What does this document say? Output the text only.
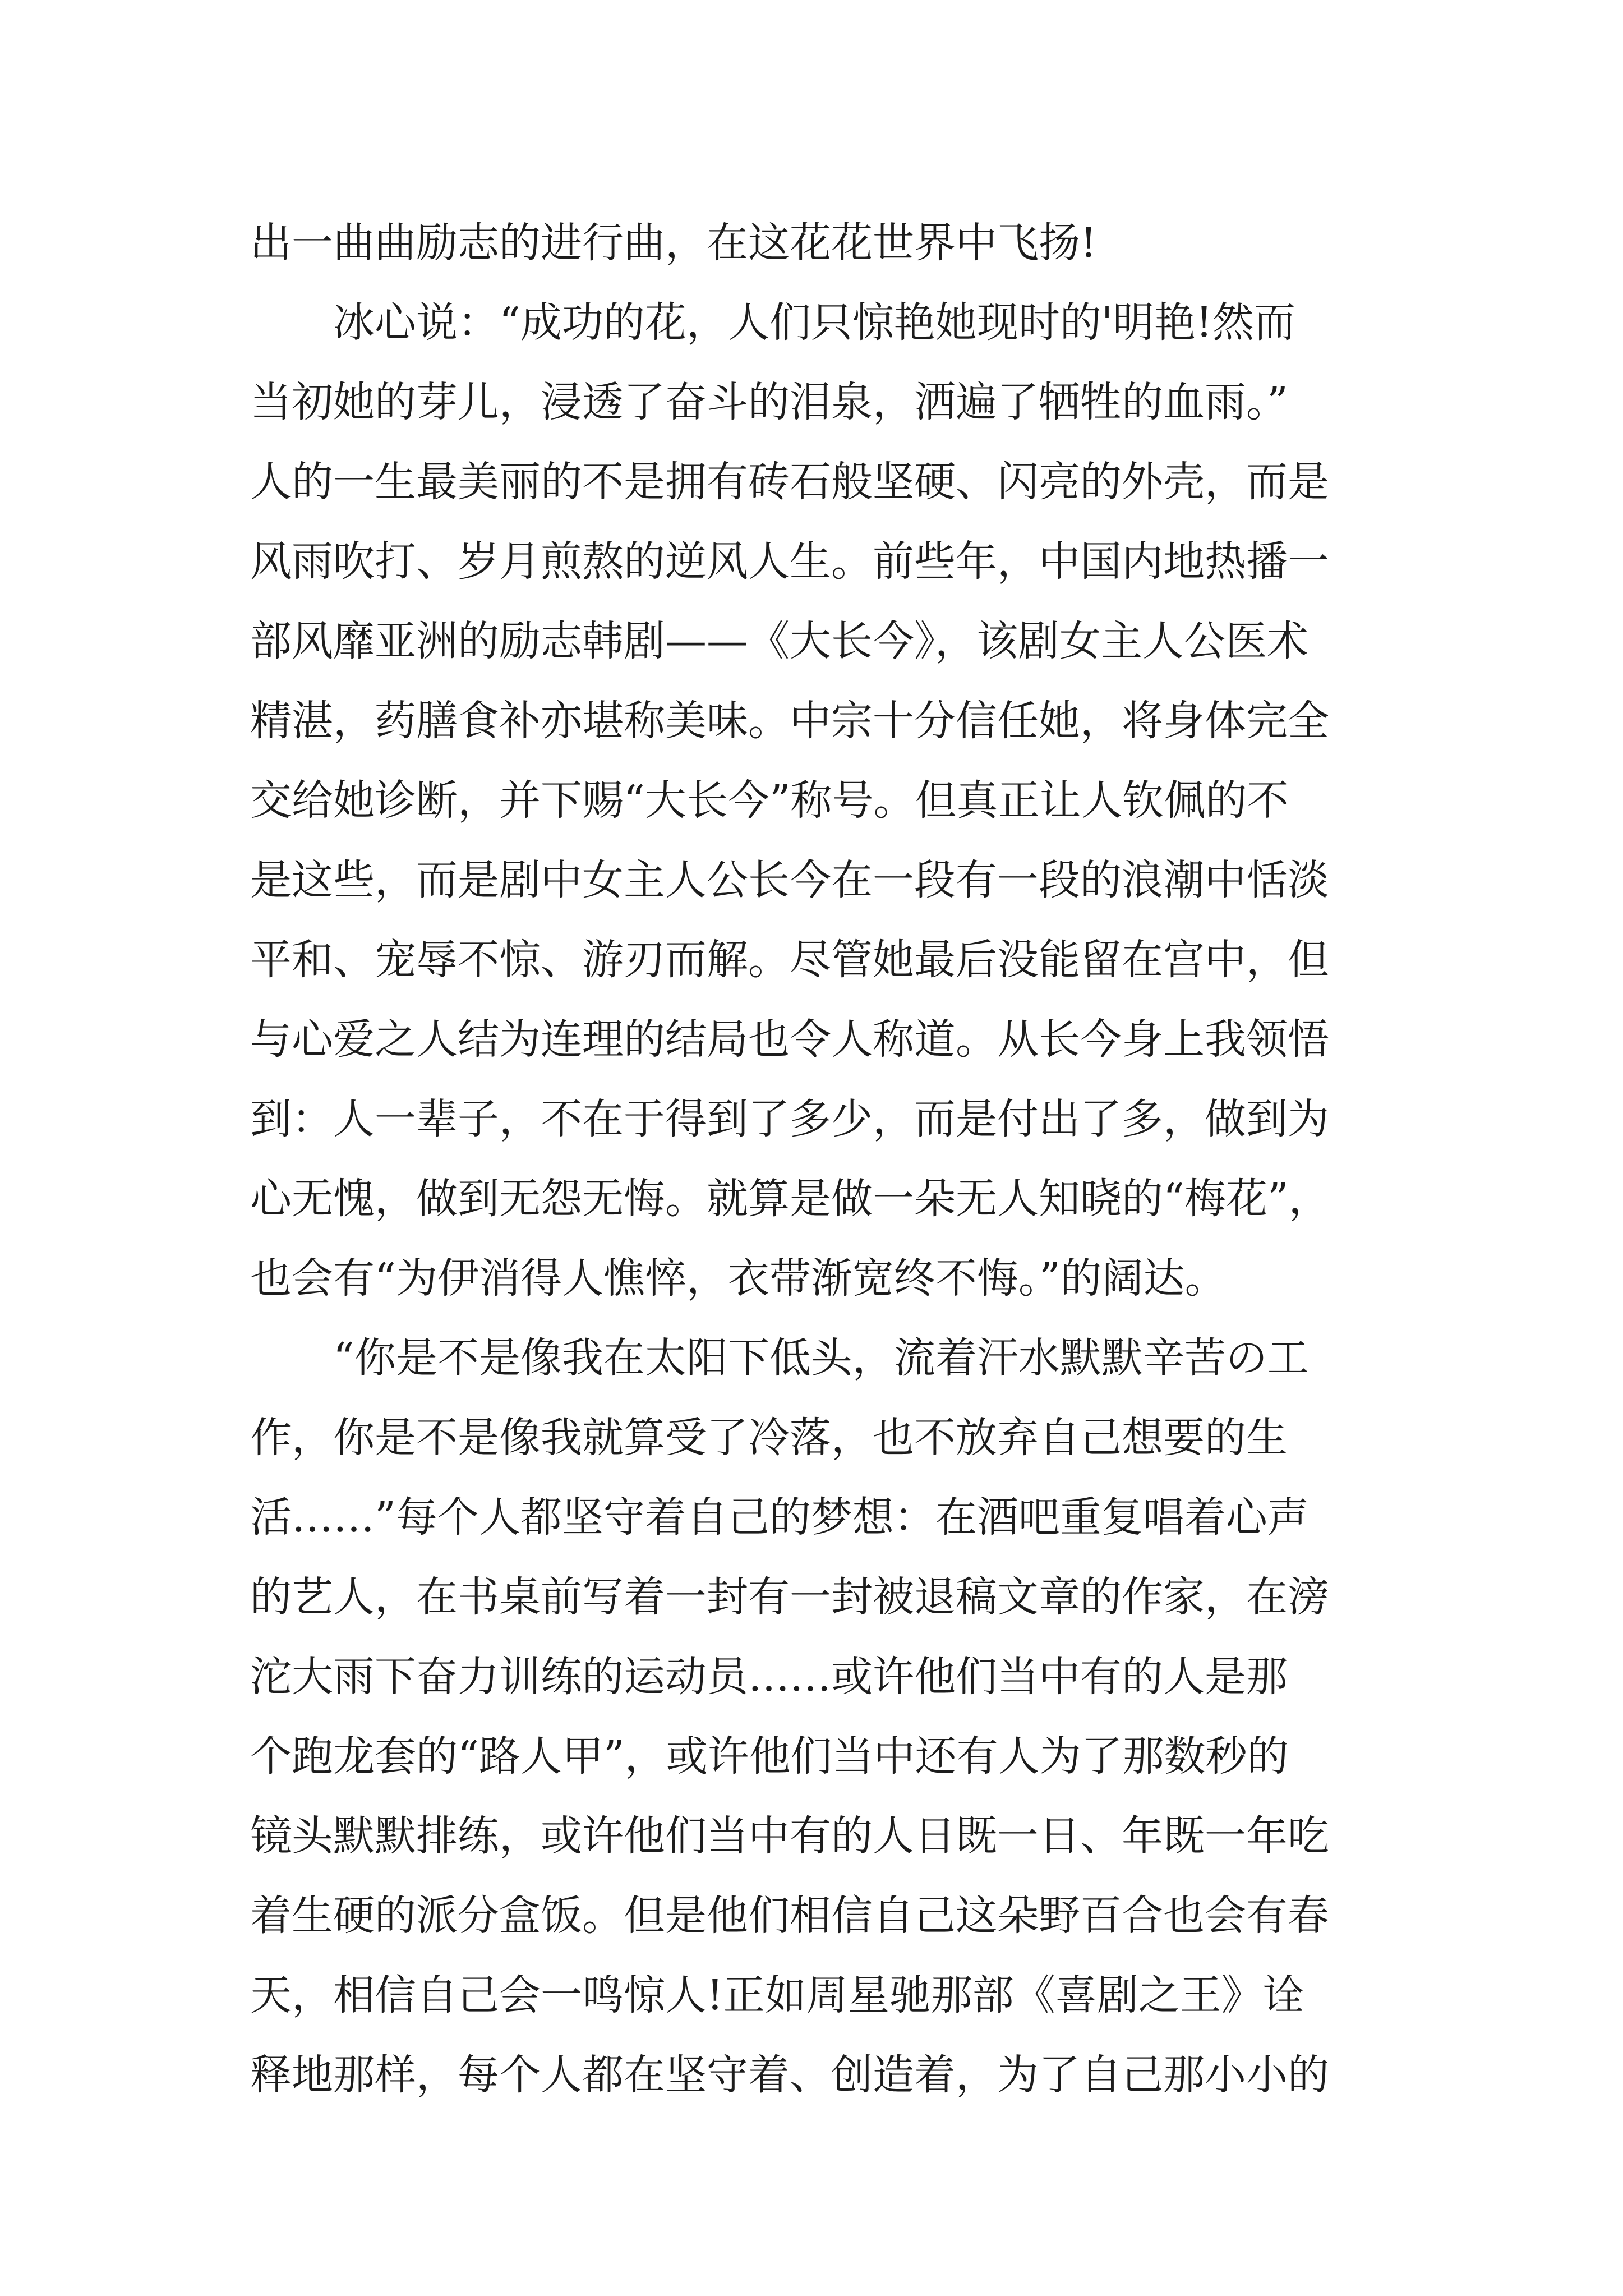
出一曲曲励志的进行曲，在这花花世界中飞扬!
冰心说：“成功的花，人们只惊艳她现时的'明艳!然而
当初她的芽儿，浸透了奋斗的泪泉，洒遍了牺牲的血雨。”
人的一生最美丽的不是拥有砖石般坚硬、闪亮的外壳，而是
风雨吹打、岁月煎熬的逆风人生。前些年，中国内地热播一
部风靡亚洲的励志韩剧——《大长今》，该剧女主人公医术
精湛，药膳食补亦堪称美味。中宗十分信任她，将身体完全
交给她诊断，并下赐“大长今”称号。但真正让人钦佩的不
是这些，而是剧中女主人公长今在一段有一段的浪潮中恬淡
平和、宠辱不惊、游刃而解。尽管她最后没能留在宫中，但
与心爱之人结为连理的结局也令人称道。从长今身上我领悟
到：人一辈子，不在于得到了多少，而是付出了多，做到为
心无愧，做到无怨无悔。就算是做一朵无人知晓的“梅花”，
也会有“为伊消得人憔悴，衣带渐宽终不悔。”的阔达。
“你是不是像我在太阳下低头，流着汗水默默辛苦の工
作，你是不是像我就算受了冷落，也不放弃自己想要的生
活……”每个人都坚守着自己的梦想：在酒吧重复唱着心声
的艺人，在书桌前写着一封有一封被退稿文章的作家，在滂
沱大雨下奋力训练的运动员……或许他们当中有的人是那
个跑龙套的“路人甲”，或许他们当中还有人为了那数秒的
镜头默默排练，或许他们当中有的人日既一日、年既一年吃
着生硬的派分盒饭。但是他们相信自己这朵野百合也会有春
天，相信自己会一鸣惊人!正如周星驰那部《喜剧之王》诠
释地那样，每个人都在坚守着、创造着，为了自己那小小的
